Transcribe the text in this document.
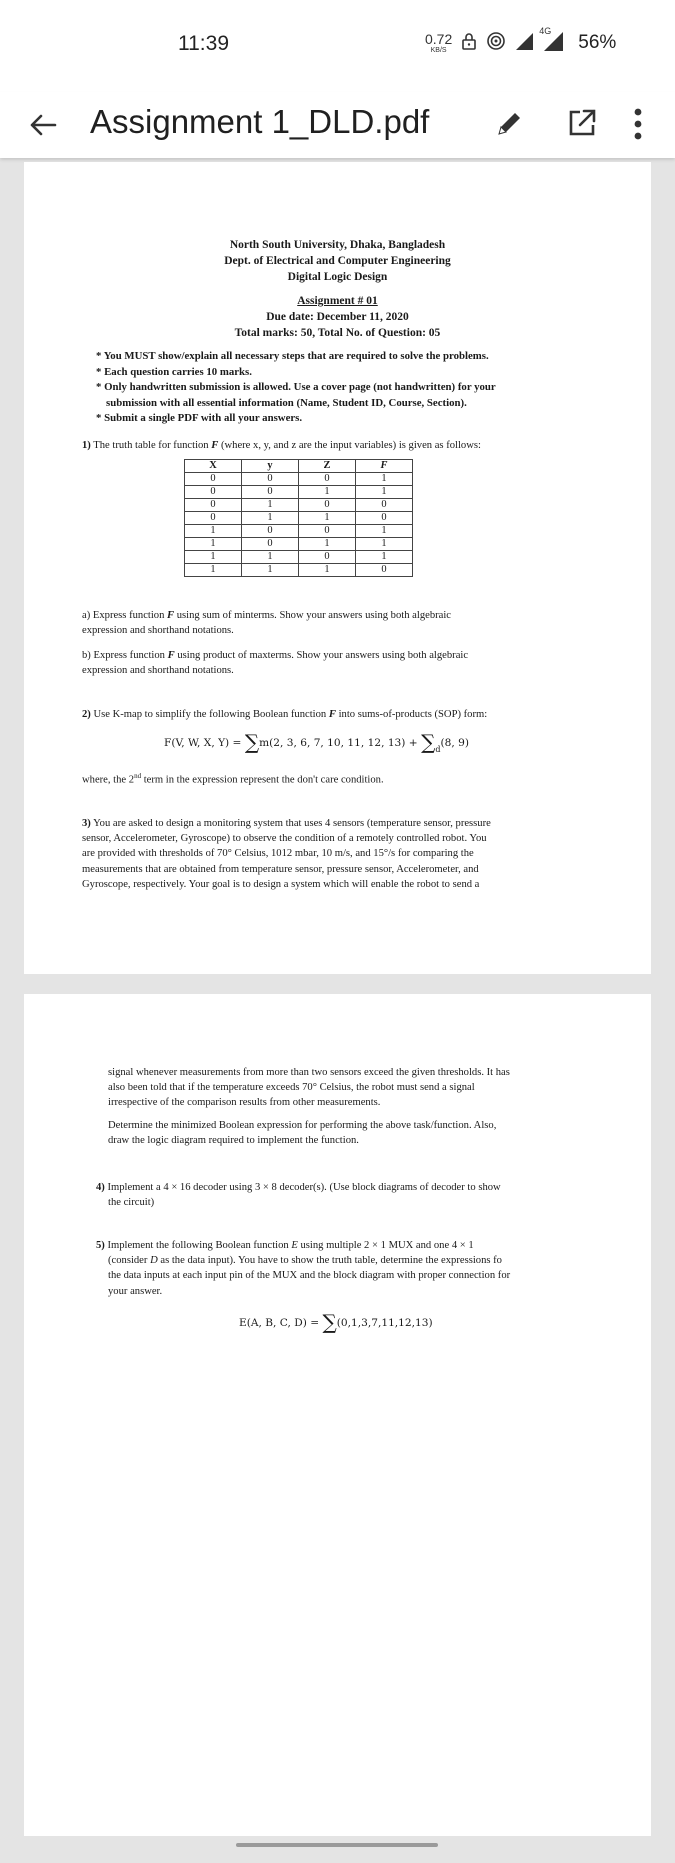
11:39	0.72
KB/S
4G
56%
Assignment 1_DLD.pdf
North South University, Dhaka, Bangladesh
Dept. of Electrical and Computer Engineering
Digital Logic Design
Assignment # 01
Due date: December 11, 2020
Total marks: 50, Total No. of Question: 05
* You MUST show/explain all necessary steps that are required to solve the problems.
* Each question carries 10 marks.
* Only handwritten submission is allowed. Use a cover page (not handwritten) for your
submission with all essential information (Name, Student ID, Course, Section).
* Submit a single PDF with all your answers.
1) The truth table for function F (where x, y, and z are the input variables) is given as follows:
X	y	Z	F
0	0	0	1
0	0	1	1
0	1	0	0
0	1	1	0
1	0	0	1
1	0	1	1
1	1	0	1
1	1	1	0
a) Express function F using sum of minterms. Show your answers using both algebraic
expression and shorthand notations.
b) Express function F using product of maxterms. Show your answers using both algebraic
expression and shorthand notations.
2) Use K-map to simplify the following Boolean function F into sums-of-products (SOP) form:
F(V, W, X, Y) = ∑m(2, 3, 6, 7, 10, 11, 12, $13) + \sum_d(8$, 9)
where, the 2nd term in the expression represent the don't care condition.
3) You are asked to design a monitoring system that uses 4 sensors (temperature sensor, pressure
sensor, Accelerometer, Gyroscope) to observe the condition of a remotely controlled robot. You
are provided with thresholds of 70° Celsius, 1012 mbar, 10 m/s, and 15°/s for comparing the
measurements that are obtained from temperature sensor, pressure sensor, Accelerometer, and
Gyroscope, respectively. Your goal is to design a system which will enable the robot to send a
signal whenever measurements from more than two sensors exceed the given thresholds. It has
also been told that if the temperature exceeds 70° Celsius, the robot must send a signal
irrespective of the comparison results from other measurements.
Determine the minimized Boolean expression for performing the above task/function. Also,
draw the logic diagram required to implement the function.
4) Implement a 4 × 16 decoder using 3 × 8 decoder(s). (Use block diagrams of decoder to show
the circuit)
5) Implement the following Boolean function E using multiple 2 × 1 MUX and one 4 × 1
(consider D as the data input). You have to show the truth table, determine the expressions fo
the data inputs at each input pin of the MUX and the block diagram with proper connection for
your answer.
E(A, B, C, D) = ∑(0,1,3,7,11,12,13)
